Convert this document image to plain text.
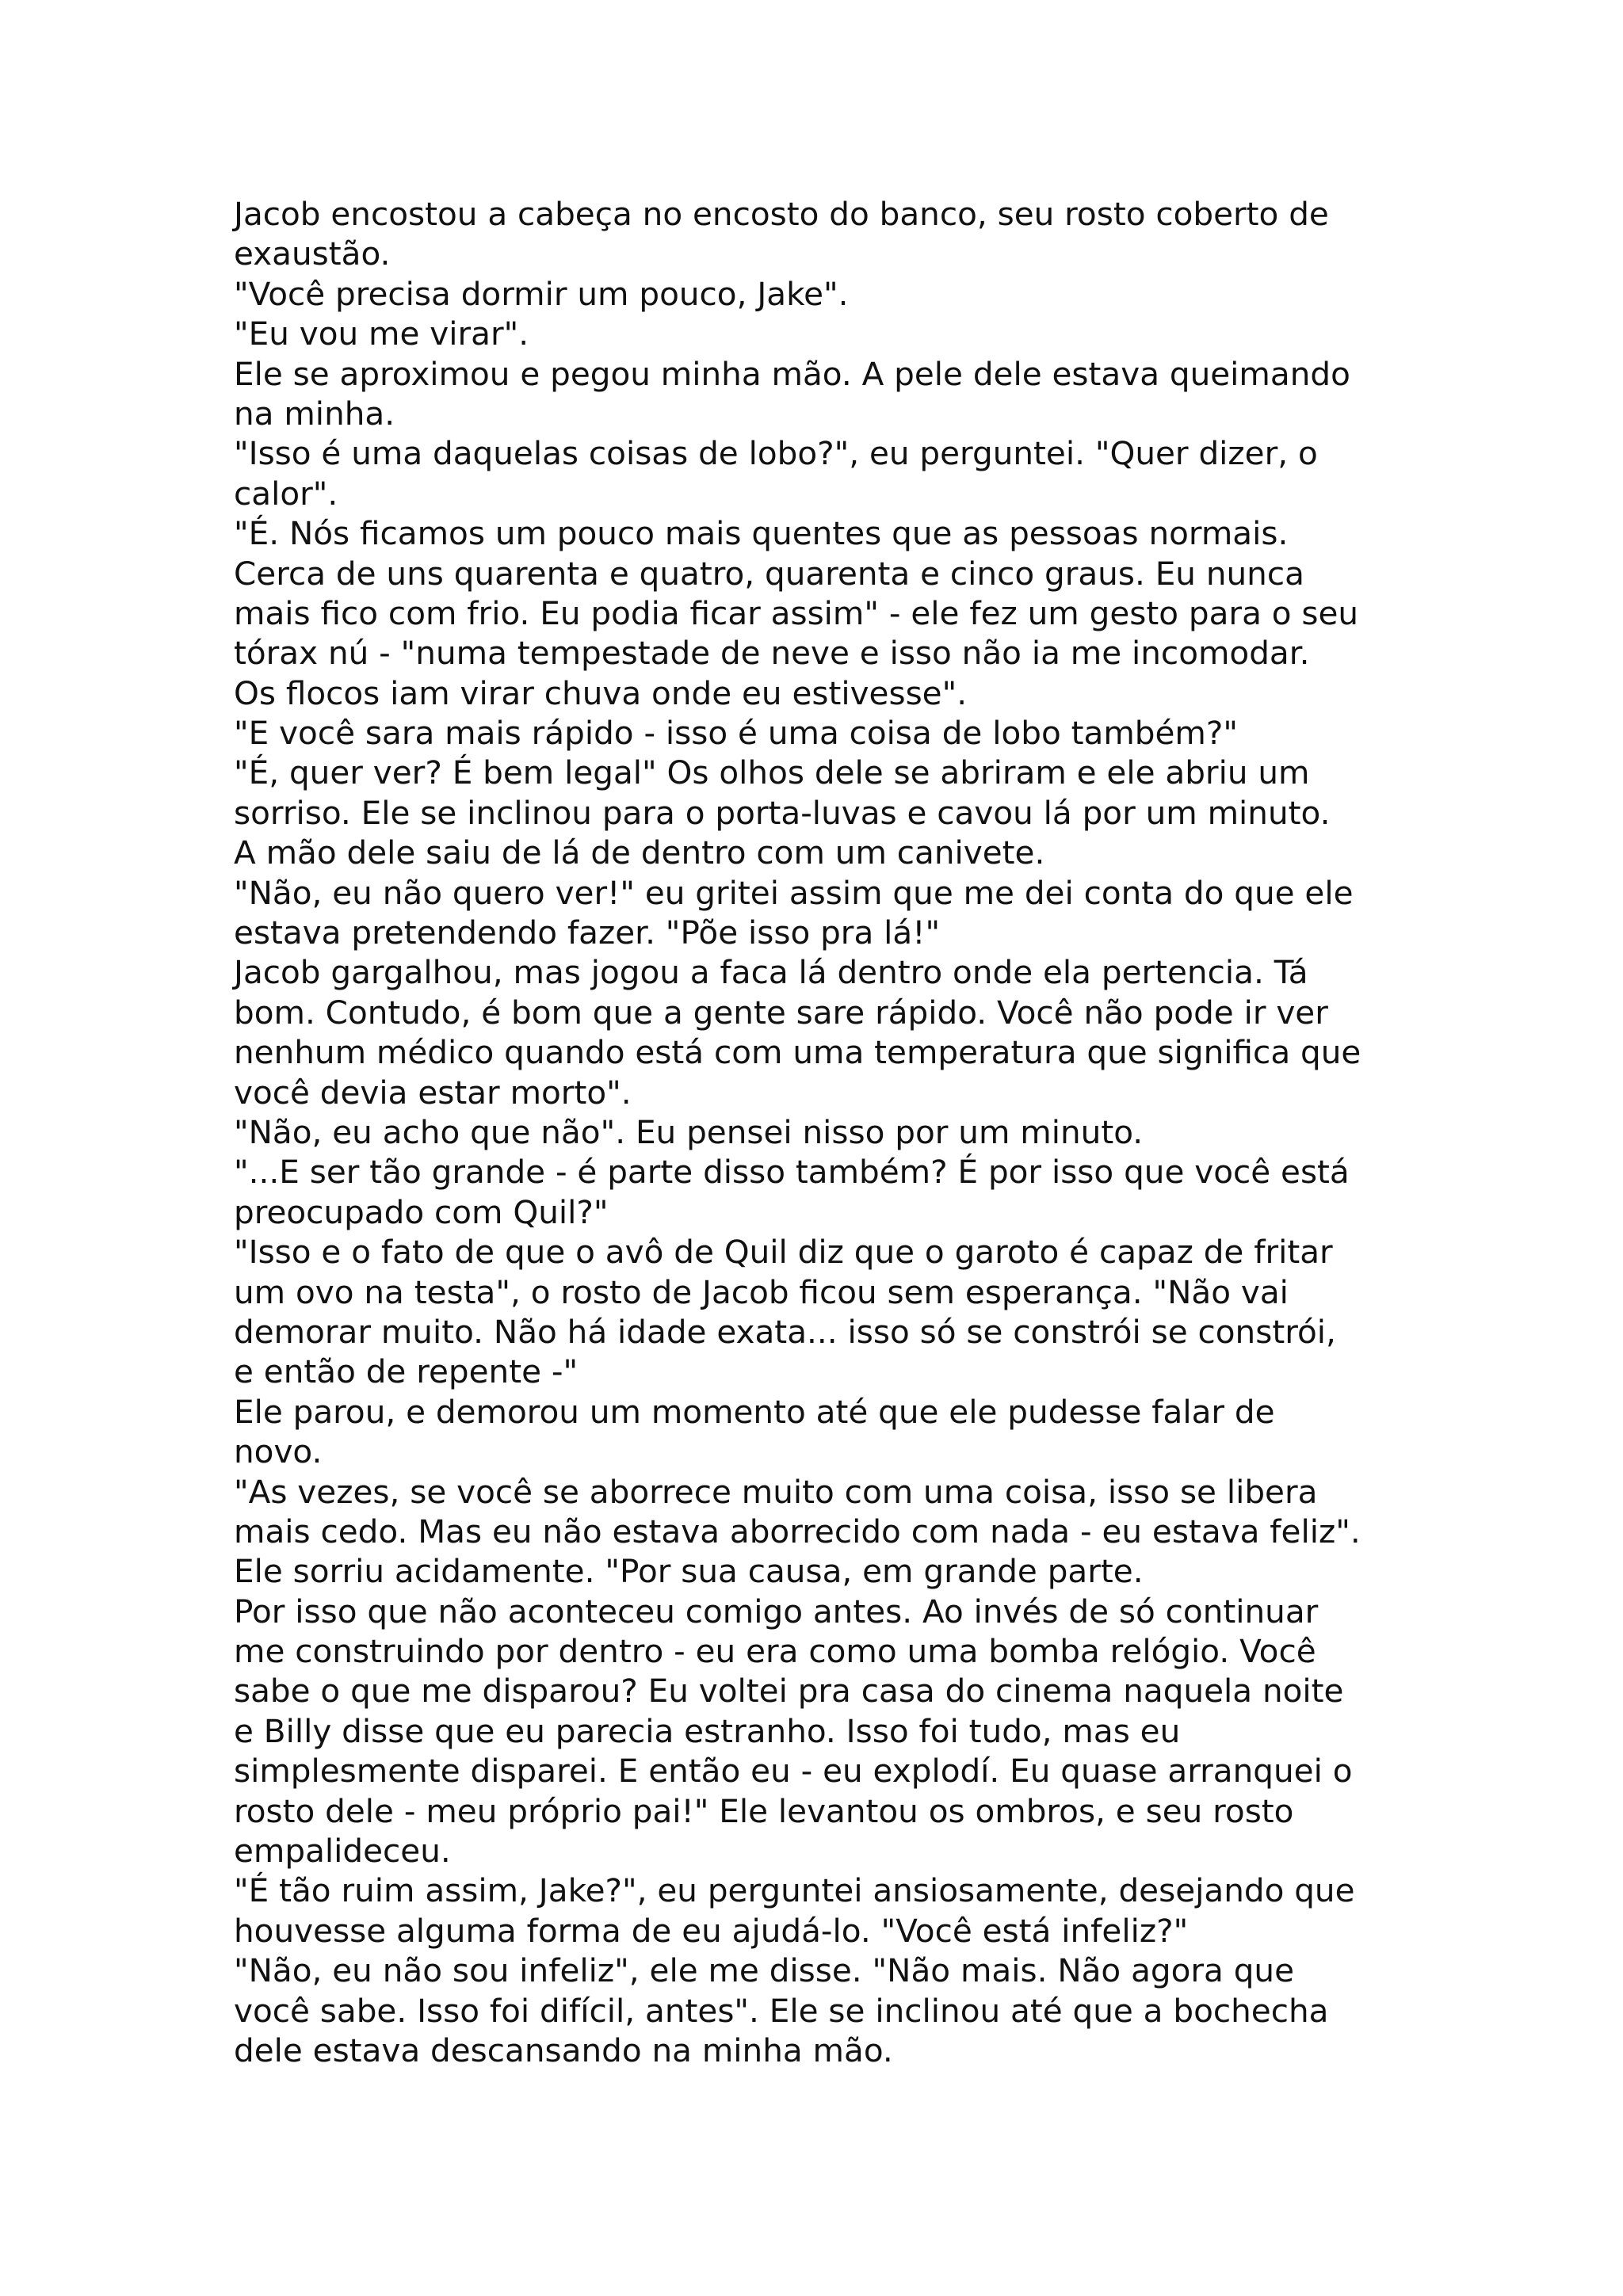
Jacob encostou a cabeça no encosto do banco, seu rosto coberto de
exaustão.
"Você precisa dormir um pouco, Jake".
"Eu vou me virar".
Ele se aproximou e pegou minha mão. A pele dele estava queimando
na minha.
"Isso é uma daquelas coisas de lobo?", eu perguntei. "Quer dizer, o
calor".
"É. Nós ficamos um pouco mais quentes que as pessoas normais.
Cerca de uns quarenta e quatro, quarenta e cinco graus. Eu nunca
mais fico com frio. Eu podia ficar assim" - ele fez um gesto para o seu
tórax nú - "numa tempestade de neve e isso não ia me incomodar.
Os flocos iam virar chuva onde eu estivesse".
"E você sara mais rápido - isso é uma coisa de lobo também?"
"É, quer ver? É bem legal" Os olhos dele se abriram e ele abriu um
sorriso. Ele se inclinou para o porta-luvas e cavou lá por um minuto.
A mão dele saiu de lá de dentro com um canivete.
"Não, eu não quero ver!" eu gritei assim que me dei conta do que ele
estava pretendendo fazer. "Põe isso pra lá!"
Jacob gargalhou, mas jogou a faca lá dentro onde ela pertencia. Tá
bom. Contudo, é bom que a gente sare rápido. Você não pode ir ver
nenhum médico quando está com uma temperatura que significa que
você devia estar morto".
"Não, eu acho que não". Eu pensei nisso por um minuto.
"...E ser tão grande - é parte disso também? É por isso que você está
preocupado com Quil?"
"Isso e o fato de que o avô de Quil diz que o garoto é capaz de fritar
um ovo na testa", o rosto de Jacob ficou sem esperança. "Não vai
demorar muito. Não há idade exata... isso só se constrói se constrói,
e então de repente -"
Ele parou, e demorou um momento até que ele pudesse falar de
novo.
"As vezes, se você se aborrece muito com uma coisa, isso se libera
mais cedo. Mas eu não estava aborrecido com nada - eu estava feliz".
Ele sorriu acidamente. "Por sua causa, em grande parte.
Por isso que não aconteceu comigo antes. Ao invés de só continuar
me construindo por dentro - eu era como uma bomba relógio. Você
sabe o que me disparou? Eu voltei pra casa do cinema naquela noite
e Billy disse que eu parecia estranho. Isso foi tudo, mas eu
simplesmente disparei. E então eu - eu explodí. Eu quase arranquei o
rosto dele - meu próprio pai!" Ele levantou os ombros, e seu rosto
empalideceu.
"É tão ruim assim, Jake?", eu perguntei ansiosamente, desejando que
houvesse alguma forma de eu ajudá-lo. "Você está infeliz?"
"Não, eu não sou infeliz", ele me disse. "Não mais. Não agora que
você sabe. Isso foi difícil, antes". Ele se inclinou até que a bochecha
dele estava descansando na minha mão.
